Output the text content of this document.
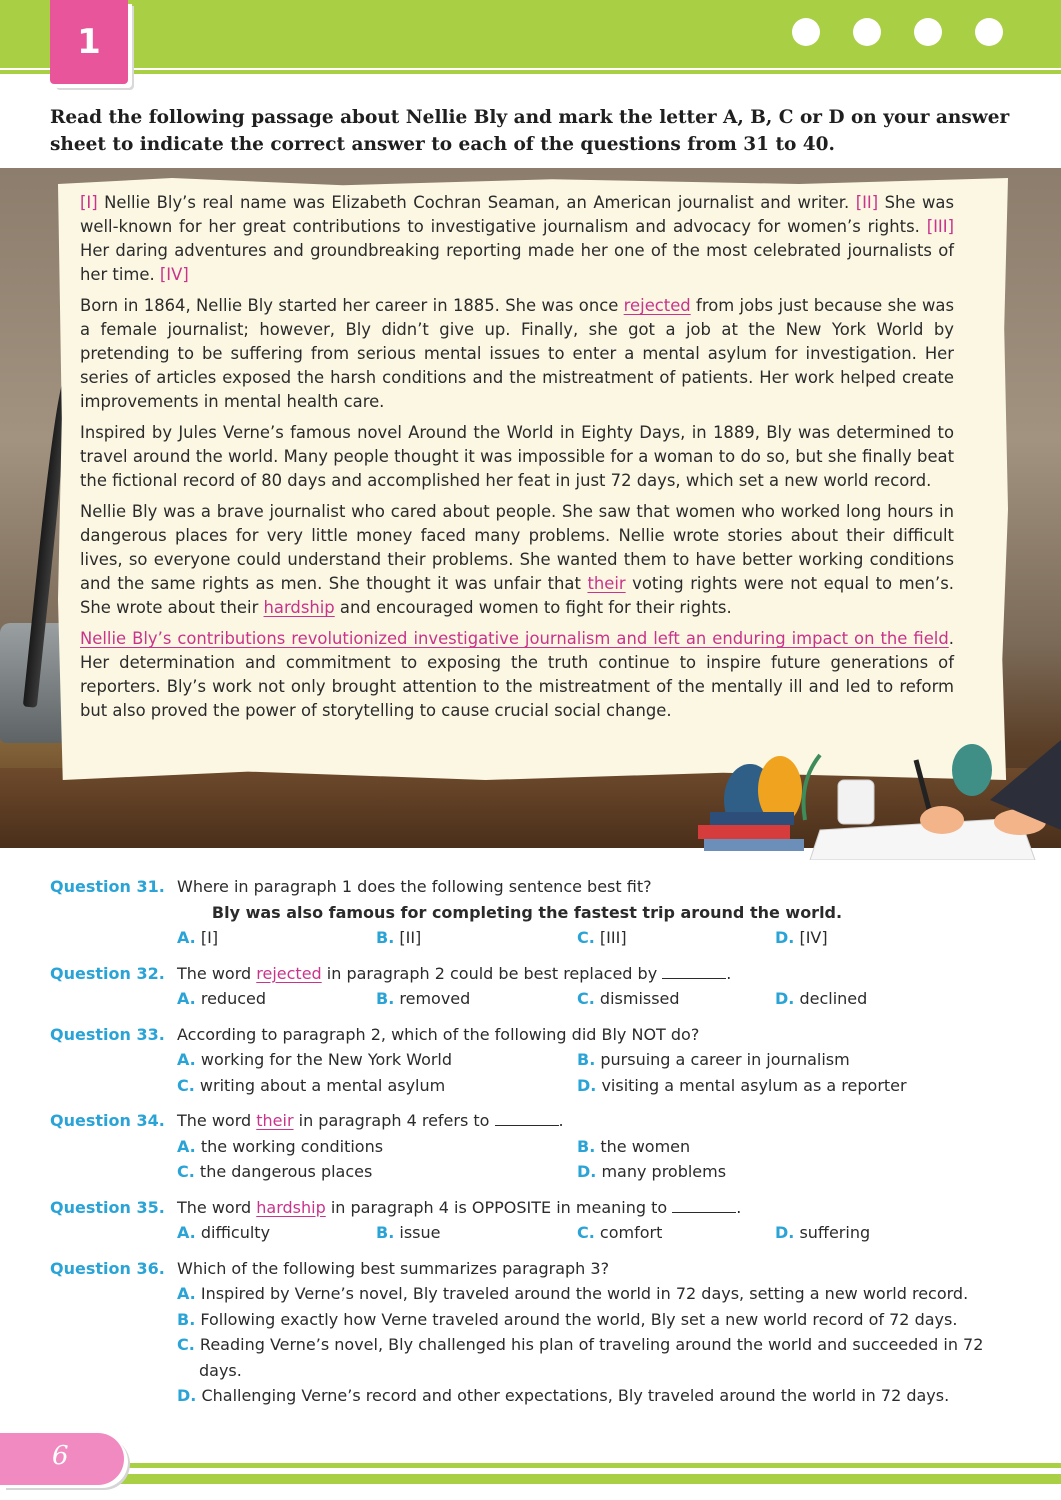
1
Read the following passage about Nellie Bly and mark the letter A, B, C or D on your answer sheet to indicate the correct answer to each of the questions from 31 to 40.

[I] Nellie Bly’s real name was Elizabeth Cochran Seaman, an American journalist and writer. [II] She was well-known for her great contributions to investigative journalism and advocacy for women’s rights. [III] Her daring adventures and groundbreaking reporting made her one of the most celebrated journalists of her time. [IV]

Born in 1864, Nellie Bly started her career in 1885. She was once rejected from jobs just because she was a female journalist; however, Bly didn’t give up. Finally, she got a job at the New York World by pretending to be suffering from serious mental issues to enter a mental asylum for investigation. Her series of articles exposed the harsh conditions and the mistreatment of patients. Her work helped create improvements in mental health care.

Inspired by Jules Verne’s famous novel Around the World in Eighty Days, in 1889, Bly was determined to travel around the world. Many people thought it was impossible for a woman to do so, but she finally beat the fictional record of 80 days and accomplished her feat in just 72 days, which set a new world record.

Nellie Bly was a brave journalist who cared about people. She saw that women who worked long hours in dangerous places for very little money faced many problems. Nellie wrote stories about their difficult lives, so everyone could understand their problems. She wanted them to have better working conditions and the same rights as men. She thought it was unfair that their voting rights were not equal to men’s. She wrote about their hardship and encouraged women to fight for their rights.

Nellie Bly’s contributions revolutionized investigative journalism and left an enduring impact on the field. Her determination and commitment to exposing the truth continue to inspire future generations of reporters. Bly’s work not only brought attention to the mistreatment of the mentally ill and led to reform but also proved the power of storytelling to cause crucial social change.

Question 31. Where in paragraph 1 does the following sentence best fit?
Bly was also famous for completing the fastest trip around the world.
A. [I]	B. [II]	C. [III]	D. [IV]
Question 32. The word rejected in paragraph 2 could be best replaced by	.
A. reduced	B. removed	C. dismissed	D. declined
Question 33. According to paragraph 2, which of the following did Bly NOT do?
A. working for the New York World	B. pursuing a career in journalism
C. writing about a mental asylum	D. visiting a mental asylum as a reporter
Question 34. The word their in paragraph 4 refers to	.
A. the working conditions	B. the women
C. the dangerous places	D. many problems
Question 35. The word hardship in paragraph 4 is OPPOSITE in meaning to	.
A. difficulty	B. issue	C. comfort	D. suffering
Question 36. Which of the following best summarizes paragraph 3?
A. Inspired by Verne’s novel, Bly traveled around the world in 72 days, setting a new world record.
B. Following exactly how Verne traveled around the world, Bly set a new world record of 72 days.
C. Reading Verne’s novel, Bly challenged his plan of traveling around the world and succeeded in 72 days.
D. Challenging Verne’s record and other expectations, Bly traveled around the world in 72 days.
6
